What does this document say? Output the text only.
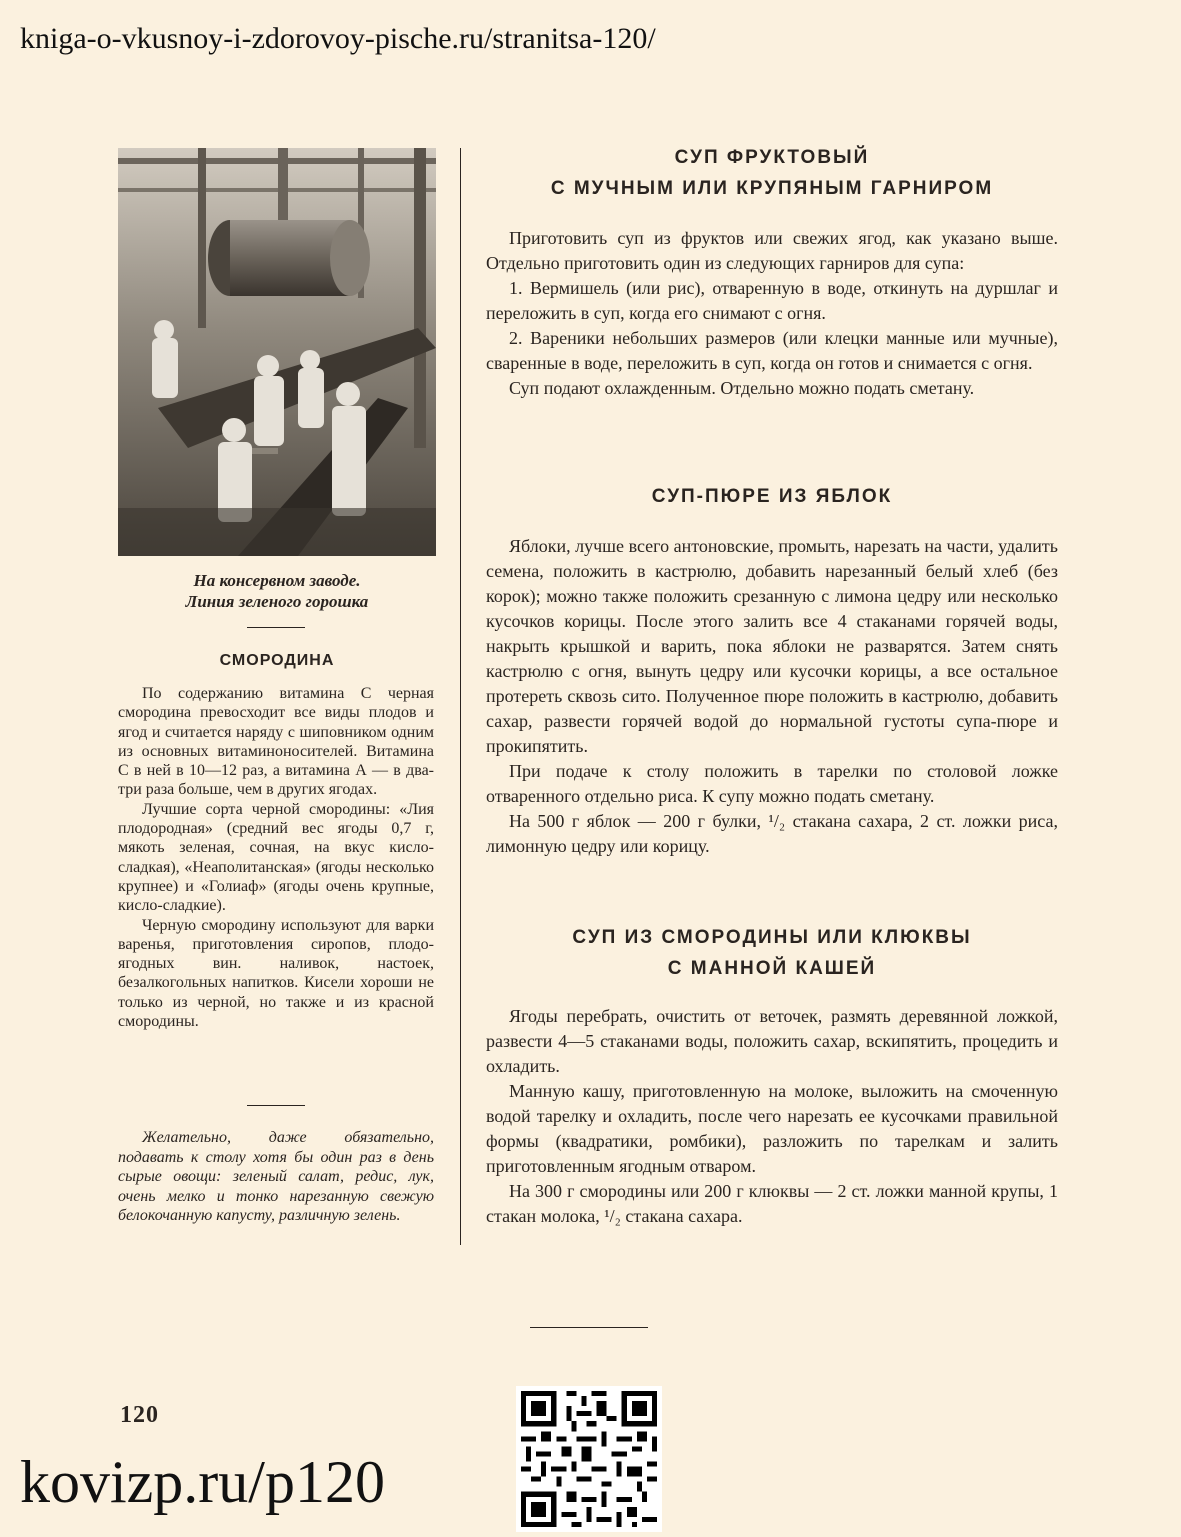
kniga-o-vkusnoy-i-zdorovoy-pische.ru/stranitsa-120/
На консервном заводе.
Линия зеленого горошка
СМОРОДИНА

По содержанию витамина С черная смородина превосходит все виды плодов и ягод и считается наряду с шиповником одним из основных витаминоносителей. Витамина С в ней в 10—12 раз, а витамина А — в два-три раза больше, чем в других ягодах.

Лучшие сорта черной смородины: «Лия плодородная» (средний вес ягоды 0,7 г, мякоть зеленая, сочная, на вкус кисло-сладкая), «Неаполитанская» (ягоды несколько крупнее) и «Голиаф» (ягоды очень крупные, кисло-сладкие).

Черную смородину используют для варки варенья, приготовления сиропов, плодо-ягодных вин. наливок, настоек, безалкогольных напитков. Кисели хороши не только из черной, но также и из красной смородины.

Желательно, даже обязательно, подавать к столу хотя бы один раз в день сырые овощи: зеленый салат, редис, лук, очень мелко и тонко нарезанную свежую белокочанную капусту, различную зелень.

СУП ФРУКТОВЫЙ
С МУЧНЫМ ИЛИ КРУПЯНЫМ ГАРНИРОМ

Приготовить суп из фруктов или свежих ягод, как указано выше. Отдельно приготовить один из следующих гарниров для супа:

1. Вермишель (или рис), отваренную в воде, откинуть на дуршлаг и переложить в суп, когда его снимают с огня.

2. Вареники небольших размеров (или клецки манные или мучные), сваренные в воде, переложить в суп, когда он готов и снимается с огня.

Суп подают охлажденным. Отдельно можно подать сметану.

СУП-ПЮРЕ ИЗ ЯБЛОК

Яблоки, лучше всего антоновские, промыть, нарезать на части, удалить семена, положить в кастрюлю, добавить нарезанный белый хлеб (без корок); можно также положить срезанную с лимона цедру или несколько кусочков корицы. После этого залить все 4 стаканами горячей воды, накрыть крышкой и варить, пока яблоки не разварятся. Затем снять кастрюлю с огня, вынуть цедру или кусочки корицы, а все остальное протереть сквозь сито. Полученное пюре положить в кастрюлю, добавить сахар, развести горячей водой до нормальной густоты супа-пюре и прокипятить.

При подаче к столу положить в тарелки по столовой ложке отваренного отдельно риса. К супу можно подать сметану.

На 500 г яблок — 200 г булки, ¹/₂ стакана сахара, 2 ст. ложки риса, лимонную цедру или корицу.

СУП ИЗ СМОРОДИНЫ ИЛИ КЛЮКВЫ
С МАННОЙ КАШЕЙ

Ягоды перебрать, очистить от веточек, размять деревянной ложкой, развести 4—5 стаканами воды, положить сахар, вскипятить, процедить и охладить.

Манную кашу, приготовленную на молоке, выложить на смоченную водой тарелку и охладить, после чего нарезать ее кусочками правильной формы (квадратики, ромбики), разложить по тарелкам и залить приготовленным ягодным отваром.

На 300 г смородины или 200 г клюквы — 2 ст. ложки манной крупы, 1 стакан молока, ¹/₂ стакана сахара.

120
kovizp.ru/p120
